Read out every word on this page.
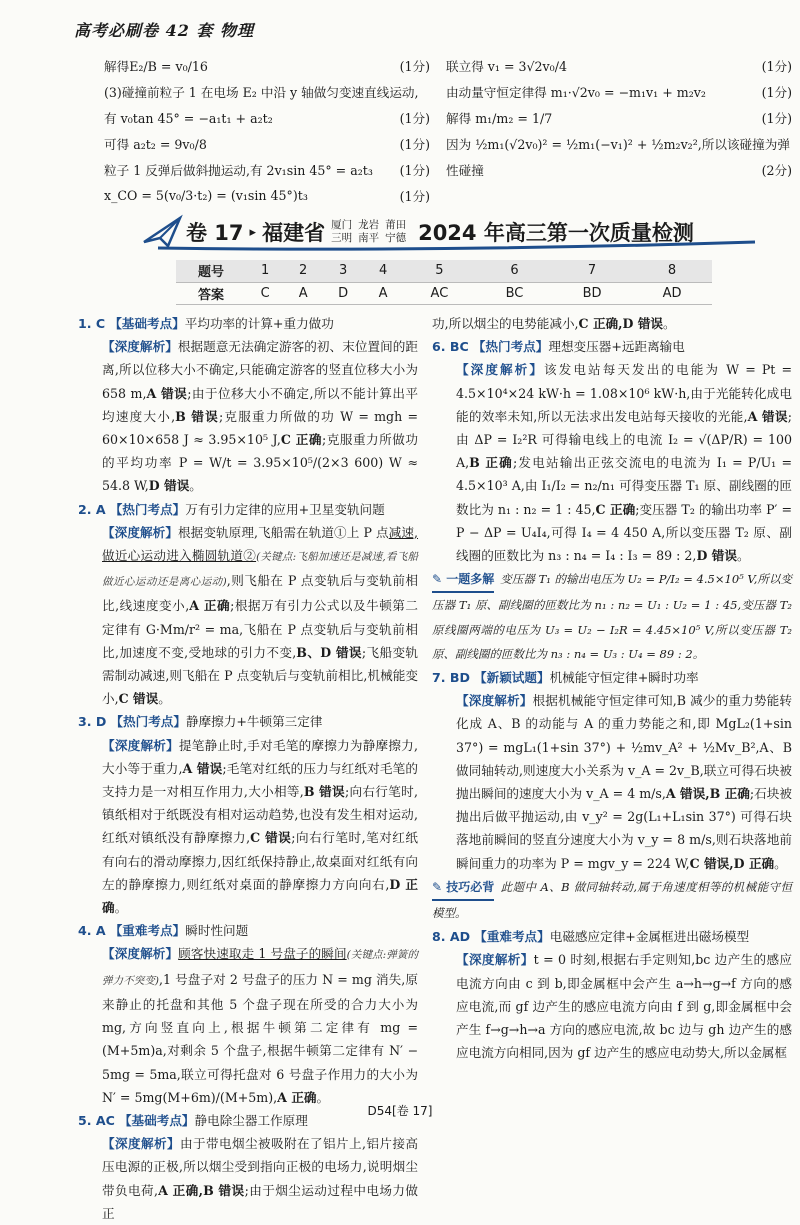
高考必刷卷 42 套 物理
解得E₂/B = v₀/16	(1分)
(3)碰撞前粒子 1 在电场 E₂ 中沿 y 轴做匀变速直线运动,
有 v₀tan 45° = −a₁t₁ + a₂t₂	(1分)
可得 a₂t₂ = 9v₀/8	(1分)
粒子 1 反弹后做斜抛运动,有 2v₁sin 45° = a₂t₃ (1分)
x_CO = 5(v₀/3·t₂) = (v₁sin 45°)t₃	(1分)
联立得 v₁ = 3√2v₀/4	(1分)
由动量守恒定律得 m₁·√2v₀ = −m₁v₁ + m₂v₂	(1分)
解得 m₁/m₂ = 1/7	(1分)
因为 ½m₁(√2v₀)² = ½m₁(−v₁)² + ½m₂v₂²,所以该碰撞为弹
性碰撞	(2分)
卷 17 ▸ 福建省 厦门 龙岩 莆田
三明 南平 宁德 2024 年高三第一次质量检测
题号	1	2	3	4	5	6	7	8
答案	C	A	D	A	AC	BC	BD	AD

1. C 【基础考点】平均功率的计算+重力做功

【深度解析】根据题意无法确定游客的初、末位置间的距离,所以位移大小不确定,只能确定游客的竖直位移大小为 658 m,A 错误;由于位移大小不确定,所以不能计算出平均速度大小,B 错误;克服重力所做的功 W = mgh = 60×10×658 J ≈ 3.95×10⁵ J,C 正确;克服重力所做功的平均功率 P = W/t = 3.95×10⁵/(2×3 600) W ≈ 54.8 W,D 错误。

2. A 【热门考点】万有引力定律的应用+卫星变轨问题

【深度解析】根据变轨原理,飞船需在轨道①上 P 点减速,做近心运动进入椭圆轨道②(关键点:飞船加速还是减速,看飞船做近心运动还是离心运动),则飞船在 P 点变轨后与变轨前相比,线速度变小,A 正确;根据万有引力公式以及牛顿第二定律有 G·Mm/r² = ma,飞船在 P 点变轨后与变轨前相比,加速度不变,受地球的引力不变,B、D 错误;飞船变轨需制动减速,则飞船在 P 点变轨后与变轨前相比,机械能变小,C 错误。

3. D 【热门考点】静摩擦力+牛顿第三定律

【深度解析】提笔静止时,手对毛笔的摩擦力为静摩擦力,大小等于重力,A 错误;毛笔对红纸的压力与红纸对毛笔的支持力是一对相互作用力,大小相等,B 错误;向右行笔时,镇纸相对于纸既没有相对运动趋势,也没有发生相对运动,红纸对镇纸没有静摩擦力,C 错误;向右行笔时,笔对红纸有向右的滑动摩擦力,因红纸保持静止,故桌面对红纸有向左的静摩擦力,则红纸对桌面的静摩擦力方向向右,D 正确。

4. A 【重难考点】瞬时性问题

【深度解析】顾客快速取走 1 号盘子的瞬间(关键点:弹簧的弹力不突变),1 号盘子对 2 号盘子的压力 N = mg 消失,原来静止的托盘和其他 5 个盘子现在所受的合力大小为 mg,方向竖直向上,根据牛顿第二定律有 mg = (M+5m)a,对剩余 5 个盘子,根据牛顿第二定律有 N′ − 5mg = 5ma,联立可得托盘对 6 号盘子作用力的大小为 N′ = 5mg(M+6m)/(M+5m),A 正确。

5. AC 【基础考点】静电除尘器工作原理

【深度解析】由于带电烟尘被吸附在了铝片上,铝片接高压电源的正极,所以烟尘受到指向正极的电场力,说明烟尘带负电荷,A 正确,B 错误;由于烟尘运动过程中电场力做正

功,所以烟尘的电势能减小,C 正确,D 错误。

6. BC 【热门考点】理想变压器+远距离输电

【深度解析】该发电站每天发出的电能为 W = Pt = 4.5×10⁴×24 kW·h = 1.08×10⁶ kW·h,由于光能转化成电能的效率未知,所以无法求出发电站每天接收的光能,A 错误;由 ΔP = I₂²R 可得输电线上的电流 I₂ = √(ΔP/R) = 100 A,B 正确;发电站输出正弦交流电的电流为 I₁ = P/U₁ = 4.5×10³ A,由 I₁/I₂ = n₂/n₁ 可得变压器 T₁ 原、副线圈的匝数比为 n₁ : n₂ = 1 : 45,C 正确;变压器 T₂ 的输出功率 P′ = P − ΔP = U₄I₄,可得 I₄ = 4 450 A,所以变压器 T₂ 原、副线圈的匝数比为 n₃ : n₄ = I₄ : I₃ = 89 : 2,D 错误。

✎ 一题多解 变压器 T₁ 的输出电压为 U₂ = P/I₂ = 4.5×10⁵ V,所以变压器 T₁ 原、副线圈的匝数比为 n₁ : n₂ = U₁ : U₂ = 1 : 45,变压器 T₂ 原线圈两端的电压为 U₃ = U₂ − I₂R = 4.45×10⁵ V,所以变压器 T₂ 原、副线圈的匝数比为 n₃ : n₄ = U₃ : U₄ = 89 : 2。

7. BD 【新颖试题】机械能守恒定律+瞬时功率

【深度解析】根据机械能守恒定律可知,B 减少的重力势能转化成 A、B 的动能与 A 的重力势能之和,即 MgL₂(1+sin 37°) = mgL₁(1+sin 37°) + ½mv_A² + ½Mv_B²,A、B 做同轴转动,则速度大小关系为 v_A = 2v_B,联立可得石块被抛出瞬间的速度大小为 v_A = 4 m/s,A 错误,B 正确;石块被抛出后做平抛运动,由 v_y² = 2g(L₁+L₁sin 37°) 可得石块落地前瞬间的竖直分速度大小为 v_y = 8 m/s,则石块落地前瞬间重力的功率为 P = mgv_y = 224 W,C 错误,D 正确。

✎ 技巧必背 此题中 A、B 做同轴转动,属于角速度相等的机械能守恒模型。

8. AD 【重难考点】电磁感应定律+金属框进出磁场模型

【深度解析】t = 0 时刻,根据右手定则知,bc 边产生的感应电流方向由 c 到 b,即金属框中会产生 a→h→g→f 方向的感应电流,而 gf 边产生的感应电流方向由 f 到 g,即金属框中会产生 f→g→h→a 方向的感应电流,故 bc 边与 gh 边产生的感应电流方向相同,因为 gf 边产生的感应电动势大,所以金属框

D54[卷 17]
